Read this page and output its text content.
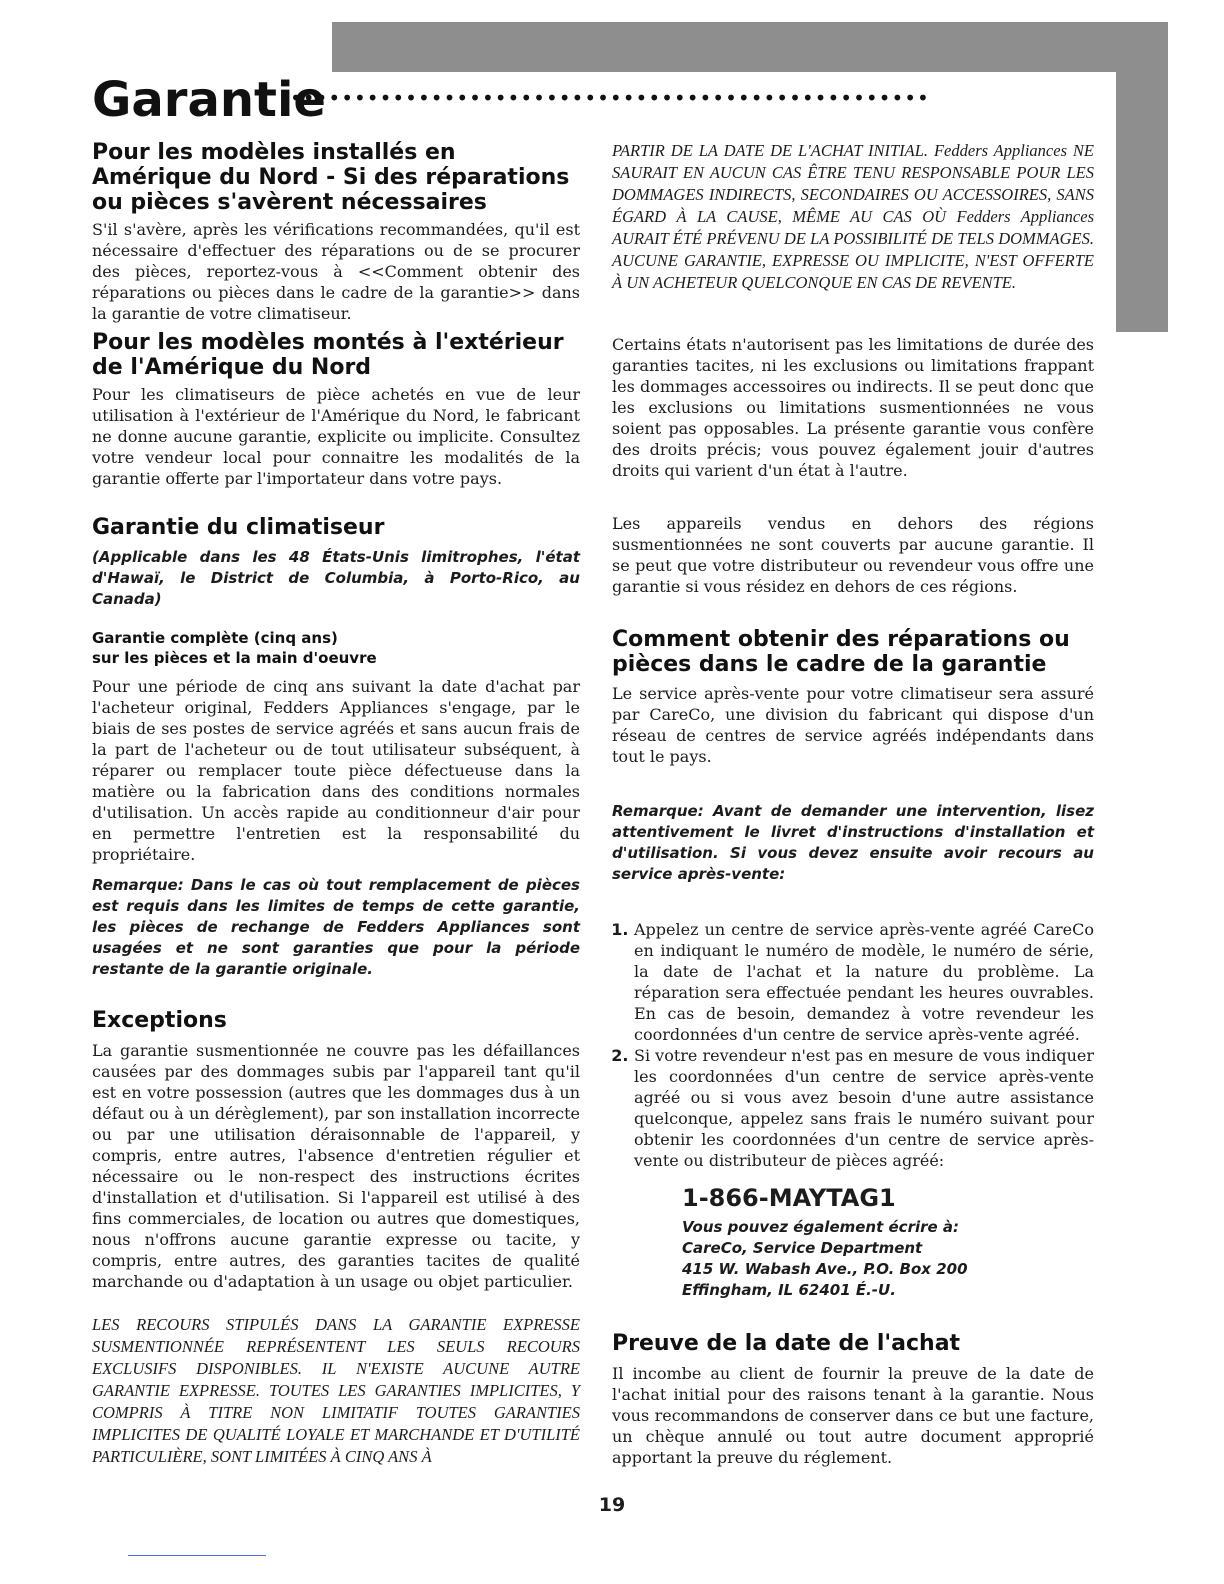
Garantie
••••••••••••••••••••••••••••••••••••••••••••••••••
Pour les modèles installés en Amérique du Nord - Si des réparations ou pièces s'avèrent nécessaires

S'il s'avère, après les vérifications recommandées, qu'il est nécessaire d'effectuer des réparations ou de se procurer des pièces, reportez-vous à <<Comment obtenir des réparations ou pièces dans le cadre de la garantie>> dans la garantie de votre climatiseur.

Pour les modèles montés à l'extérieur de l'Amérique du Nord

Pour les climatiseurs de pièce achetés en vue de leur utilisation à l'extérieur de l'Amérique du Nord, le fabricant ne donne aucune garantie, explicite ou implicite. Consultez votre vendeur local pour connaitre les modalités de la garantie offerte par l'importateur dans votre pays.

Garantie du climatiseur

(Applicable dans les 48 États-Unis limitrophes, l'état d'Hawaï, le District de Columbia, à Porto-Rico, au Canada)

Garantie complète (cinq ans)

sur les pièces et la main d'oeuvre

Pour une période de cinq ans suivant la date d'achat par l'acheteur original, Fedders Appliances s'engage, par le biais de ses postes de service agréés et sans aucun frais de la part de l'acheteur ou de tout utilisateur subséquent, à réparer ou remplacer toute pièce défectueuse dans la matière ou la fabrication dans des conditions normales d'utilisation. Un accès rapide au conditionneur d'air pour en permettre l'entretien est la responsabilité du propriétaire.

Remarque: Dans le cas où tout remplacement de pièces est requis dans les limites de temps de cette garantie, les pièces de rechange de Fedders Appliances sont usagées et ne sont garanties que pour la période restante de la garantie originale.

Exceptions

La garantie susmentionnée ne couvre pas les défaillances causées par des dommages subis par l'appareil tant qu'il est en votre possession (autres que les dommages dus à un défaut ou à un dérèglement), par son installation incorrecte ou par une utilisation déraisonnable de l'appareil, y compris, entre autres, l'absence d'entretien régulier et nécessaire ou le non-respect des instructions écrites d'installation et d'utilisation. Si l'appareil est utilisé à des fins commerciales, de location ou autres que domestiques, nous n'offrons aucune garantie expresse ou tacite, y compris, entre autres, des garanties tacites de qualité marchande ou d'adaptation à un usage ou objet particulier.

LES RECOURS STIPULÉS DANS LA GARANTIE EXPRESSE SUSMENTIONNÉE REPRÉSENTENT LES SEULS RECOURS EXCLUSIFS DISPONIBLES. IL N'EXISTE AUCUNE AUTRE GARANTIE EXPRESSE. TOUTES LES GARANTIES IMPLICITES, Y COMPRIS À TITRE NON LIMITATIF TOUTES GARANTIES IMPLICITES DE QUALITÉ LOYALE ET MARCHANDE ET D'UTILITÉ PARTICULIÈRE, SONT LIMITÉES À CINQ ANS À

PARTIR DE LA DATE DE L'ACHAT INITIAL. Fedders Appliances NE SAURAIT EN AUCUN CAS ÊTRE TENU RESPONSABLE POUR LES DOMMAGES INDIRECTS, SECONDAIRES OU ACCESSOIRES, SANS ÉGARD À LA CAUSE, MÊME AU CAS OÙ Fedders Appliances AURAIT ÉTÉ PRÉVENU DE LA POSSIBILITÉ DE TELS DOMMAGES. AUCUNE GARANTIE, EXPRESSE OU IMPLICITE, N'EST OFFERTE À UN ACHETEUR QUELCONQUE EN CAS DE REVENTE.

Certains états n'autorisent pas les limitations de durée des garanties tacites, ni les exclusions ou limitations frappant les dommages accessoires ou indirects. Il se peut donc que les exclusions ou limitations susmentionnées ne vous soient pas opposables. La présente garantie vous confère des droits précis; vous pouvez également jouir d'autres droits qui varient d'un état à l'autre.

Les appareils vendus en dehors des régions susmentionnées ne sont couverts par aucune garantie. Il se peut que votre distributeur ou revendeur vous offre une garantie si vous résidez en dehors de ces régions.

Comment obtenir des réparations ou pièces dans le cadre de la garantie

Le service après-vente pour votre climatiseur sera assuré par CareCo, une division du fabricant qui dispose d'un réseau de centres de service agréés indépendants dans tout le pays.

Remarque: Avant de demander une intervention, lisez attentivement le livret d'instructions d'installation et d'utilisation. Si vous devez ensuite avoir recours au service après-vente:

1. Appelez un centre de service après-vente agréé CareCo en indiquant le numéro de modèle, le numéro de série, la date de l'achat et la nature du problème. La réparation sera effectuée pendant les heures ouvrables. En cas de besoin, demandez à votre revendeur les coordonnées d'un centre de service après-vente agréé.
2. Si votre revendeur n'est pas en mesure de vous indiquer les coordonnées d'un centre de service après-vente agréé ou si vous avez besoin d'une autre assistance quelconque, appelez sans frais le numéro suivant pour obtenir les coordonnées d'un centre de service après-vente ou distributeur de pièces agréé:

1-866-MAYTAG1

Vous pouvez également écrire à:

CareCo, Service Department

415 W. Wabash Ave., P.O. Box 200

Effingham, IL 62401 É.-U.

Preuve de la date de l'achat

Il incombe au client de fournir la preuve de la date de l'achat initial pour des raisons tenant à la garantie. Nous vous recommandons de conserver dans ce but une facture, un chèque annulé ou tout autre document approprié apportant la preuve du réglement.

19
